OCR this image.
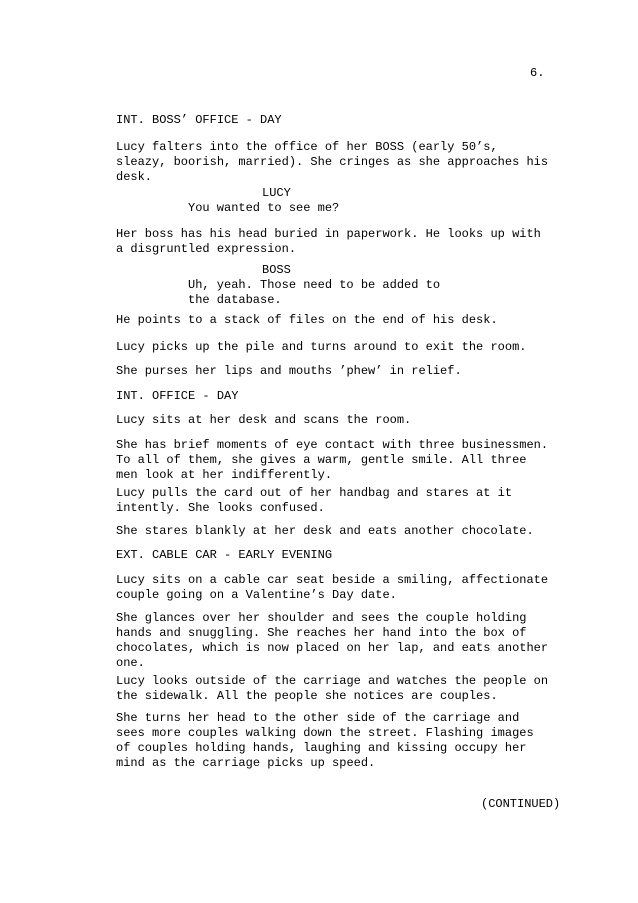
6.
INT. BOSS’ OFFICE - DAY
Lucy falters into the office of her BOSS (early 50’s,
sleazy, boorish, married). She cringes as she approaches his
desk.
LUCY
You wanted to see me?
Her boss has his head buried in paperwork. He looks up with
a disgruntled expression.
BOSS
Uh, yeah. Those need to be added to
the database.
He points to a stack of files on the end of his desk.
Lucy picks up the pile and turns around to exit the room.
She purses her lips and mouths ’phew’ in relief.
INT. OFFICE - DAY
Lucy sits at her desk and scans the room.
She has brief moments of eye contact with three businessmen.
To all of them, she gives a warm, gentle smile. All three
men look at her indifferently.
Lucy pulls the card out of her handbag and stares at it
intently. She looks confused.
She stares blankly at her desk and eats another chocolate.
EXT. CABLE CAR - EARLY EVENING
Lucy sits on a cable car seat beside a smiling, affectionate
couple going on a Valentine’s Day date.
She glances over her shoulder and sees the couple holding
hands and snuggling. She reaches her hand into the box of
chocolates, which is now placed on her lap, and eats another
one.
Lucy looks outside of the carriage and watches the people on
the sidewalk. All the people she notices are couples.
She turns her head to the other side of the carriage and
sees more couples walking down the street. Flashing images
of couples holding hands, laughing and kissing occupy her
mind as the carriage picks up speed.
(CONTINUED)
